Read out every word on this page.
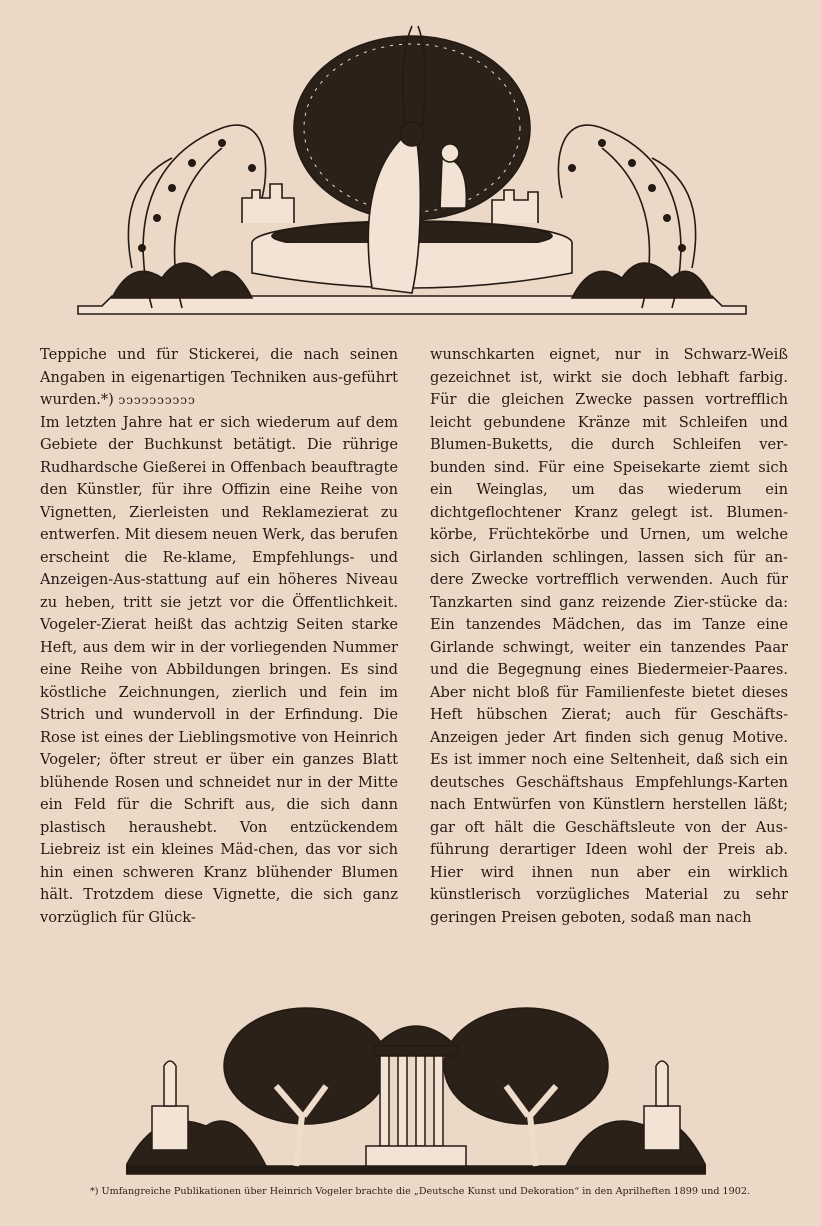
Teppiche und für Stickerei, die nach seinen Angaben in eigenartigen Techniken aus-geführt wurden.*) ↄↄↄↄↄↄↄↄↄↄ

Im letzten Jahre hat er sich wiederum auf dem Gebiete der Buchkunst betätigt. Die rührige Rudhardsche Gießerei in Offenbach beauftragte den Künstler, für ihre Offizin eine Reihe von Vignetten, Zierleisten und Reklamezierat zu entwerfen. Mit diesem neuen Werk, das berufen erscheint die Re-klame, Empfehlungs- und Anzeigen-Aus-stattung auf ein höheres Niveau zu heben, tritt sie jetzt vor die Öffentlichkeit. Vogeler-Zierat heißt das achtzig Seiten starke Heft, aus dem wir in der vorliegenden Nummer eine Reihe von Abbildungen bringen. Es sind köstliche Zeichnungen, zierlich und fein im Strich und wundervoll in der Erfindung. Die Rose ist eines der Lieblingsmotive von Heinrich Vogeler; öfter streut er über ein ganzes Blatt blühende Rosen und schneidet nur in der Mitte ein Feld für die Schrift aus, die sich dann plastisch heraushebt. Von entzückendem Liebreiz ist ein kleines Mäd-chen, das vor sich hin einen schweren Kranz blühender Blumen hält. Trotzdem diese Vignette, die sich ganz vorzüglich für Glück-

wunschkarten eignet, nur in Schwarz-Weiß gezeichnet ist, wirkt sie doch lebhaft farbig. Für die gleichen Zwecke passen vortrefflich leicht gebundene Kränze mit Schleifen und Blumen-Buketts, die durch Schleifen ver-bunden sind. Für eine Speisekarte ziemt sich ein Weinglas, um das wiederum ein dichtgeflochtener Kranz gelegt ist. Blumen-körbe, Früchtekörbe und Urnen, um welche sich Girlanden schlingen, lassen sich für an-dere Zwecke vortrefflich verwenden. Auch für Tanzkarten sind ganz reizende Zier-stücke da: Ein tanzendes Mädchen, das im Tanze eine Girlande schwingt, weiter ein tanzendes Paar und die Begegnung eines Biedermeier-Paares. Aber nicht bloß für Familienfeste bietet dieses Heft hübschen Zierat; auch für Geschäfts-Anzeigen jeder Art finden sich genug Motive. Es ist immer noch eine Seltenheit, daß sich ein deutsches Geschäftshaus Empfehlungs-Karten nach Entwürfen von Künstlern herstellen läßt; gar oft hält die Geschäftsleute von der Aus-führung derartiger Ideen wohl der Preis ab. Hier wird ihnen nun aber ein wirklich künstlerisch vorzügliches Material zu sehr geringen Preisen geboten, sodaß man nach

*) Umfangreiche Publikationen über Heinrich Vogeler brachte die „Deutsche Kunst und Dekoration“ in den Aprilheften 1899 und 1902.
